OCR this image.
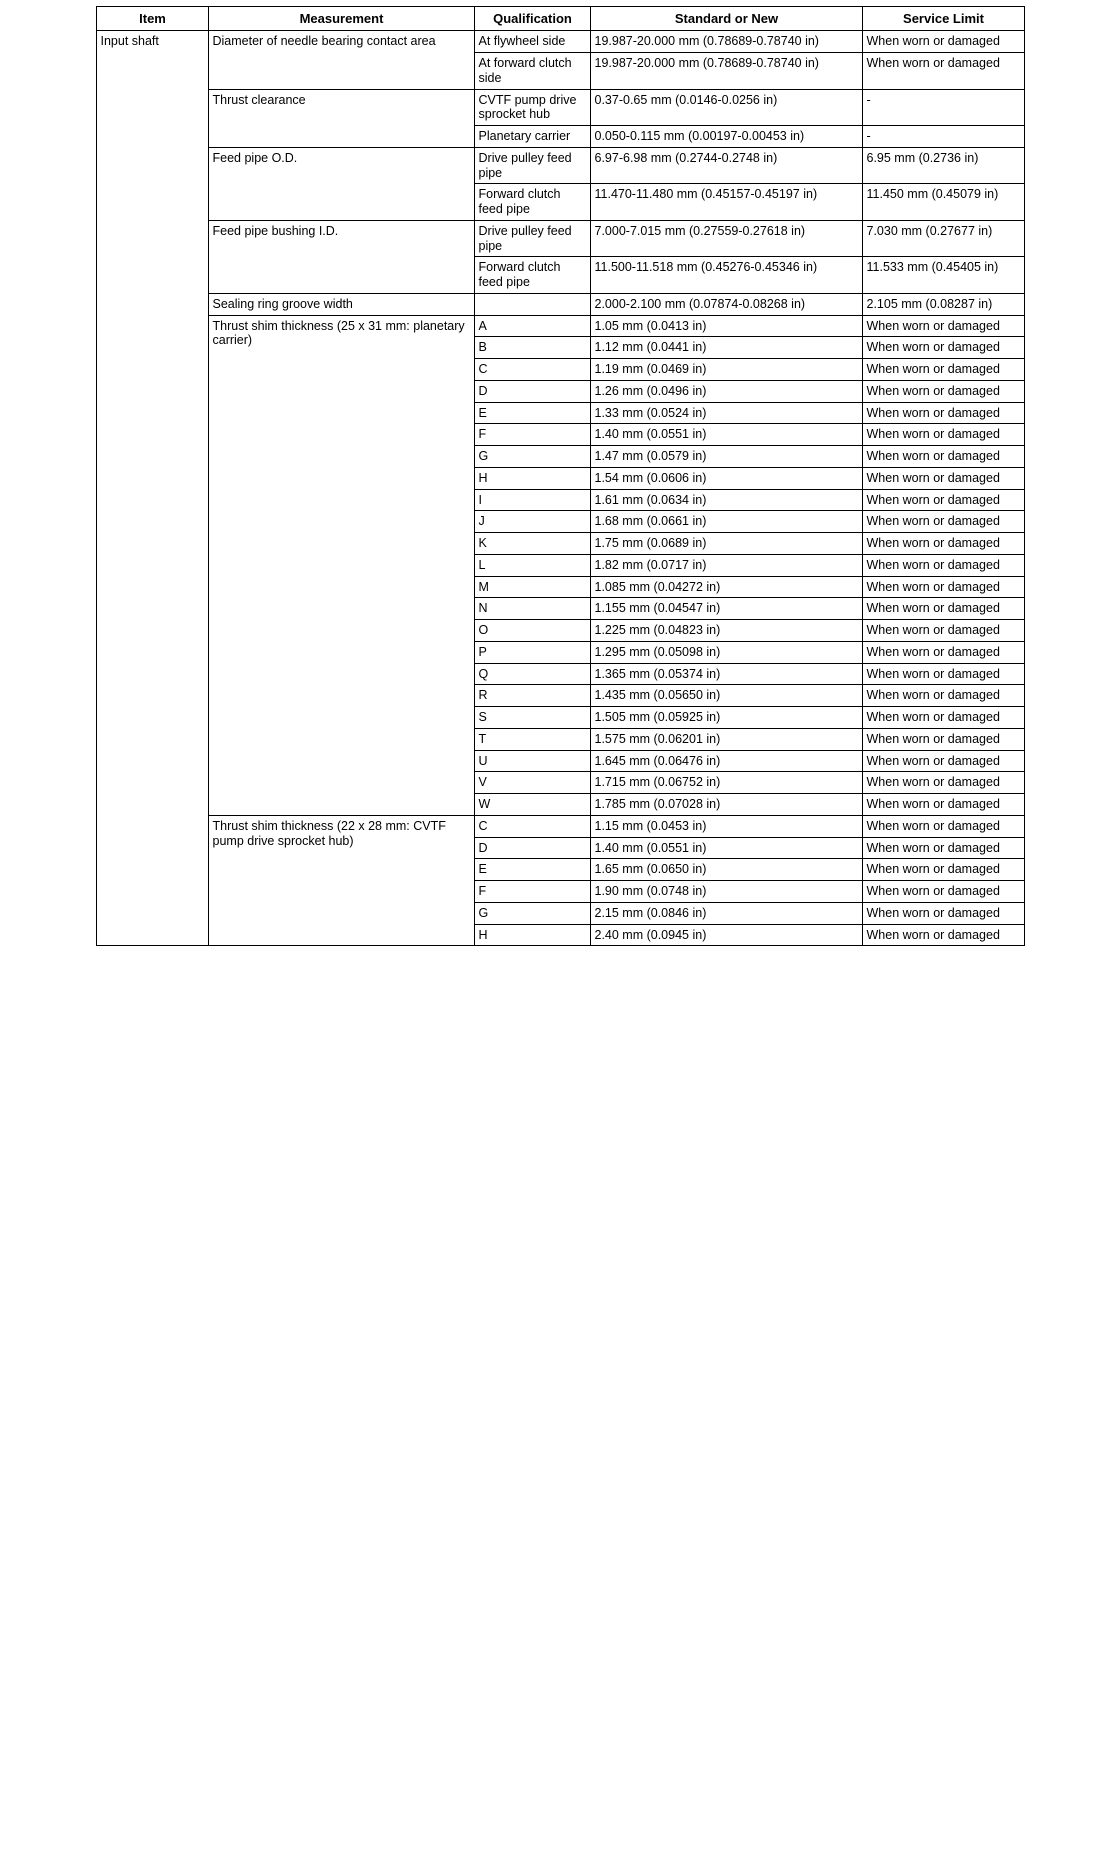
Item	Measurement	Qualification	Standard or New	Service Limit
Input shaft	Diameter of needle bearing contact area	At flywheel side	19.987-20.000 mm (0.78689-0.78740 in)	When worn or damaged
		At forward clutch side	19.987-20.000 mm (0.78689-0.78740 in)	When worn or damaged
	Thrust clearance	CVTF pump drive sprocket hub	0.37-0.65 mm (0.0146-0.0256 in)	-
		Planetary carrier	0.050-0.115 mm (0.00197-0.00453 in)	-
	Feed pipe O.D.	Drive pulley feed pipe	6.97-6.98 mm (0.2744-0.2748 in)	6.95 mm (0.2736 in)
		Forward clutch feed pipe	11.470-11.480 mm (0.45157-0.45197 in)	11.450 mm (0.45079 in)
	Feed pipe bushing I.D.	Drive pulley feed pipe	7.000-7.015 mm (0.27559-0.27618 in)	7.030 mm (0.27677 in)
		Forward clutch feed pipe	11.500-11.518 mm (0.45276-0.45346 in)	11.533 mm (0.45405 in)
	Sealing ring groove width		2.000-2.100 mm (0.07874-0.08268 in)	2.105 mm (0.08287 in)
	Thrust shim thickness (25 x 31 mm: planetary carrier)	A	1.05 mm (0.0413 in)	When worn or damaged
		B	1.12 mm (0.0441 in)	When worn or damaged
		C	1.19 mm (0.0469 in)	When worn or damaged
		D	1.26 mm (0.0496 in)	When worn or damaged
		E	1.33 mm (0.0524 in)	When worn or damaged
		F	1.40 mm (0.0551 in)	When worn or damaged
		G	1.47 mm (0.0579 in)	When worn or damaged
		H	1.54 mm (0.0606 in)	When worn or damaged
		I	1.61 mm (0.0634 in)	When worn or damaged
		J	1.68 mm (0.0661 in)	When worn or damaged
		K	1.75 mm (0.0689 in)	When worn or damaged
		L	1.82 mm (0.0717 in)	When worn or damaged
		M	1.085 mm (0.04272 in)	When worn or damaged
		N	1.155 mm (0.04547 in)	When worn or damaged
		O	1.225 mm (0.04823 in)	When worn or damaged
		P	1.295 mm (0.05098 in)	When worn or damaged
		Q	1.365 mm (0.05374 in)	When worn or damaged
		R	1.435 mm (0.05650 in)	When worn or damaged
		S	1.505 mm (0.05925 in)	When worn or damaged
		T	1.575 mm (0.06201 in)	When worn or damaged
		U	1.645 mm (0.06476 in)	When worn or damaged
		V	1.715 mm (0.06752 in)	When worn or damaged
		W	1.785 mm (0.07028 in)	When worn or damaged
	Thrust shim thickness (22 x 28 mm: CVTF pump drive sprocket hub)	C	1.15 mm (0.0453 in)	When worn or damaged
		D	1.40 mm (0.0551 in)	When worn or damaged
		E	1.65 mm (0.0650 in)	When worn or damaged
		F	1.90 mm (0.0748 in)	When worn or damaged
		G	2.15 mm (0.0846 in)	When worn or damaged
		H	2.40 mm (0.0945 in)	When worn or damaged
